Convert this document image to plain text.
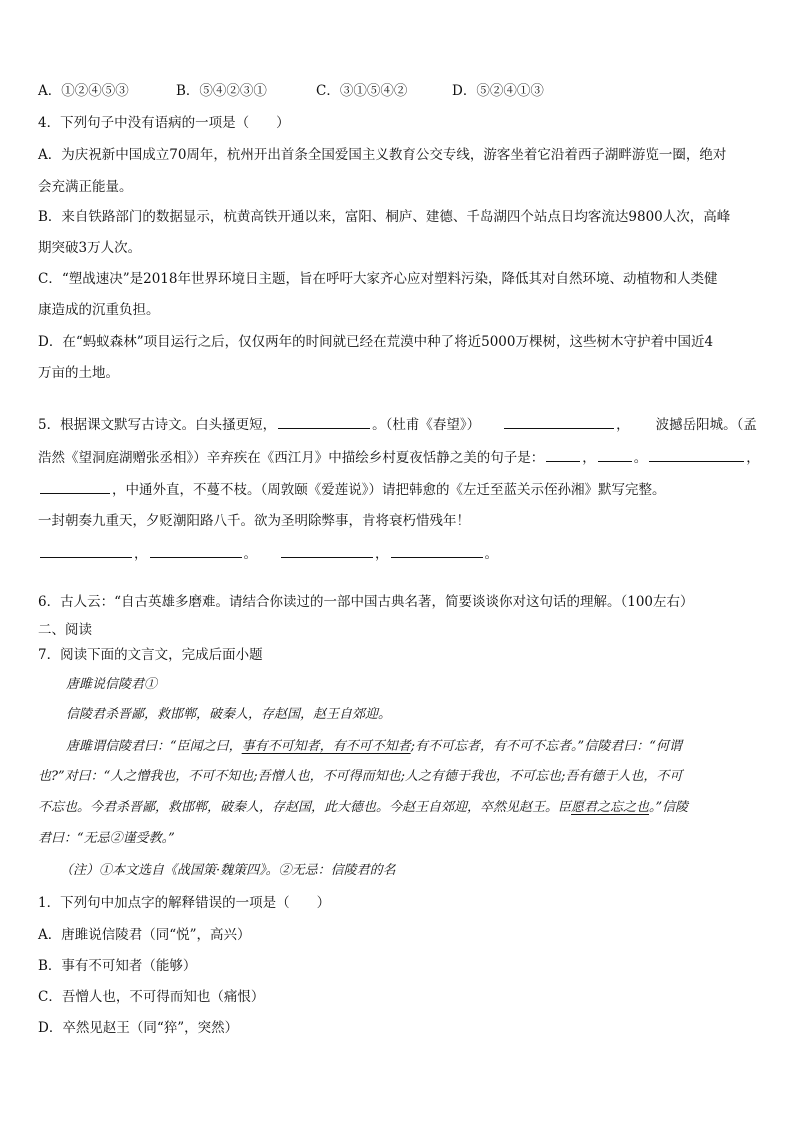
A．①②④⑤③	B．⑤④②③①	C．③①⑤④②	D．⑤②④①③
4．下列句子中没有语病的一项是（　　）
A．为庆祝新中国成立70周年，杭州开出首条全国爱国主义教育公交专线，游客坐着它沿着西子湖畔游览一圈，绝对
会充满正能量。
B．来自铁路部门的数据显示，杭黄高铁开通以来，富阳、桐庐、建德、千岛湖四个站点日均客流达9800人次，高峰
期突破3万人次。
C．“塑战速决”是2018年世界环境日主题，旨在呼吁大家齐心应对塑料污染，降低其对自然环境、动植物和人类健
康造成的沉重负担。
D．在“蚂蚁森林”项目运行之后，仅仅两年的时间就已经在荒漠中种了将近5000万棵树，这些树木守护着中国近4
万亩的土地。
5．根据课文默写古诗文。白头搔更短，	。（杜甫《春望》）	， 波撼岳阳城。（孟
浩然《望洞庭湖赠张丞相》）辛弃疾在《西江月》中描绘乡村夏夜恬静之美的句子是：	，	。	，
，中通外直，不蔓不枝。（周敦颐《爱莲说》）请把韩愈的《左迁至蓝关示侄孙湘》默写完整。
一封朝奏九重天，夕贬潮阳路八千。欲为圣明除弊事，肯将衰朽惜残年！
，	。	，	。
6．古人云：“自古英雄多磨难。请结合你读过的一部中国古典名著，简要谈谈你对这句话的理解。（100左右）
二、阅读
7．阅读下面的文言文，完成后面小题
唐雎说信陵君①
信陵君杀晋鄙，救邯郸，破秦人，存赵国，赵王自郊迎。
唐雎谓信陵君曰：“臣闻之曰，事有不可知者，有不可不知者;有不可忘者，有不可不忘者。”信陵君曰：“何谓
也?”对曰：“人之憎我也，不可不知也;吾憎人也，不可得而知也;人之有德于我也，不可忘也;吾有德于人也，不可
不忘也。今君杀晋鄙，救邯郸，破秦人，存赵国，此大德也。今赵王自郊迎，卒然见赵王。臣愿君之忘之也。”信陵
君曰：“无忌②谨受教。”
（注）①本文选自《战国策·魏策四》。②无忌：信陵君的名
1．下列句中加点字的解释错误的一项是（　　）
A．唐雎说信陵君（同“悦”，高兴）
B．事有不可知者（能够）
C．吾憎人也，不可得而知也（痛恨）
D．卒然见赵王（同“猝”，突然）
